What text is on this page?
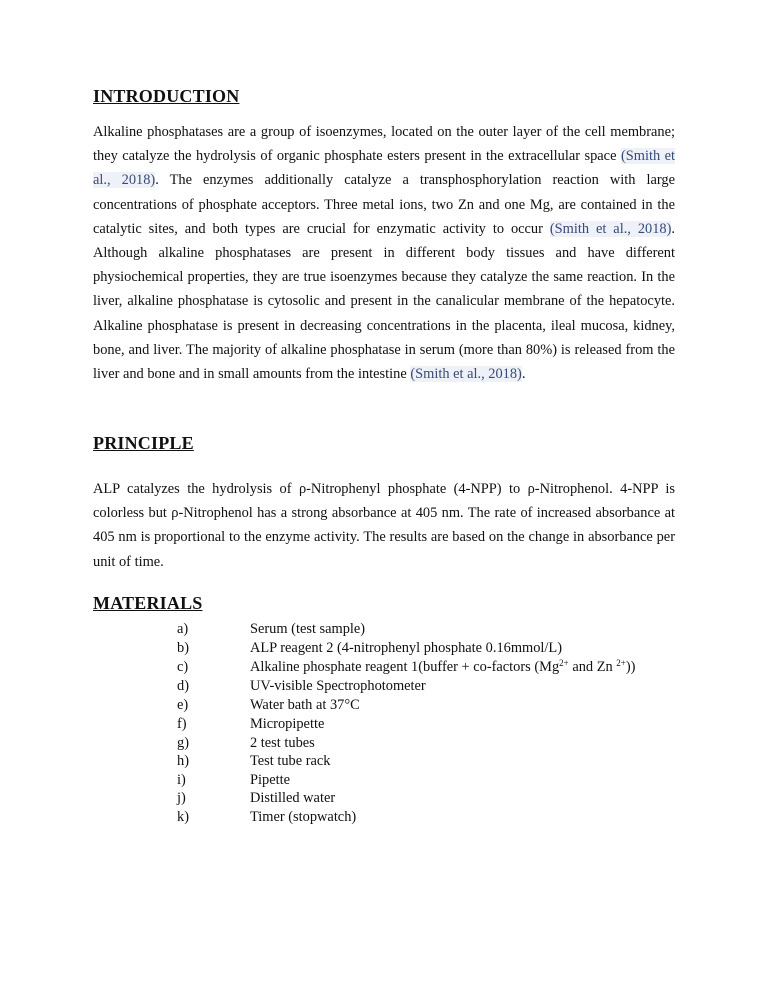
INTRODUCTION

Alkaline phosphatases are a group of isoenzymes, located on the outer layer of the cell membrane; they catalyze the hydrolysis of organic phosphate esters present in the extracellular space (Smith et al., 2018). The enzymes additionally catalyze a transphosphorylation reaction with large concentrations of phosphate acceptors. Three metal ions, two Zn and one Mg, are contained in the catalytic sites, and both types are crucial for enzymatic activity to occur (Smith et al., 2018). Although alkaline phosphatases are present in different body tissues and have different physiochemical properties, they are true isoenzymes because they catalyze the same reaction. In the liver, alkaline phosphatase is cytosolic and present in the canalicular membrane of the hepatocyte. Alkaline phosphatase is present in decreasing concentrations in the placenta, ileal mucosa, kidney, bone, and liver. The majority of alkaline phosphatase in serum (more than 80%) is released from the liver and bone and in small amounts from the intestine (Smith et al., 2018).

PRINCIPLE

ALP catalyzes the hydrolysis of ρ-Nitrophenyl phosphate (4-NPP) to ρ-Nitrophenol. 4-NPP is colorless but ρ-Nitrophenol has a strong absorbance at 405 nm. The rate of increased absorbance at 405 nm is proportional to the enzyme activity. The results are based on the change in absorbance per unit of time.

MATERIALS
a)	Serum (test sample)
b)	ALP reagent 2 (4-nitrophenyl phosphate 0.16mmol/L)
c)	Alkaline phosphate reagent 1(buffer + co-factors ($Mg^{2+}$ and Zn $^{2+}$))
d)	UV-visible Spectrophotometer
e)	Water bath at 37°C
f)	Micropipette
g)	2 test tubes
h)	Test tube rack
i)	Pipette
j)	Distilled water
k)	Timer (stopwatch)
